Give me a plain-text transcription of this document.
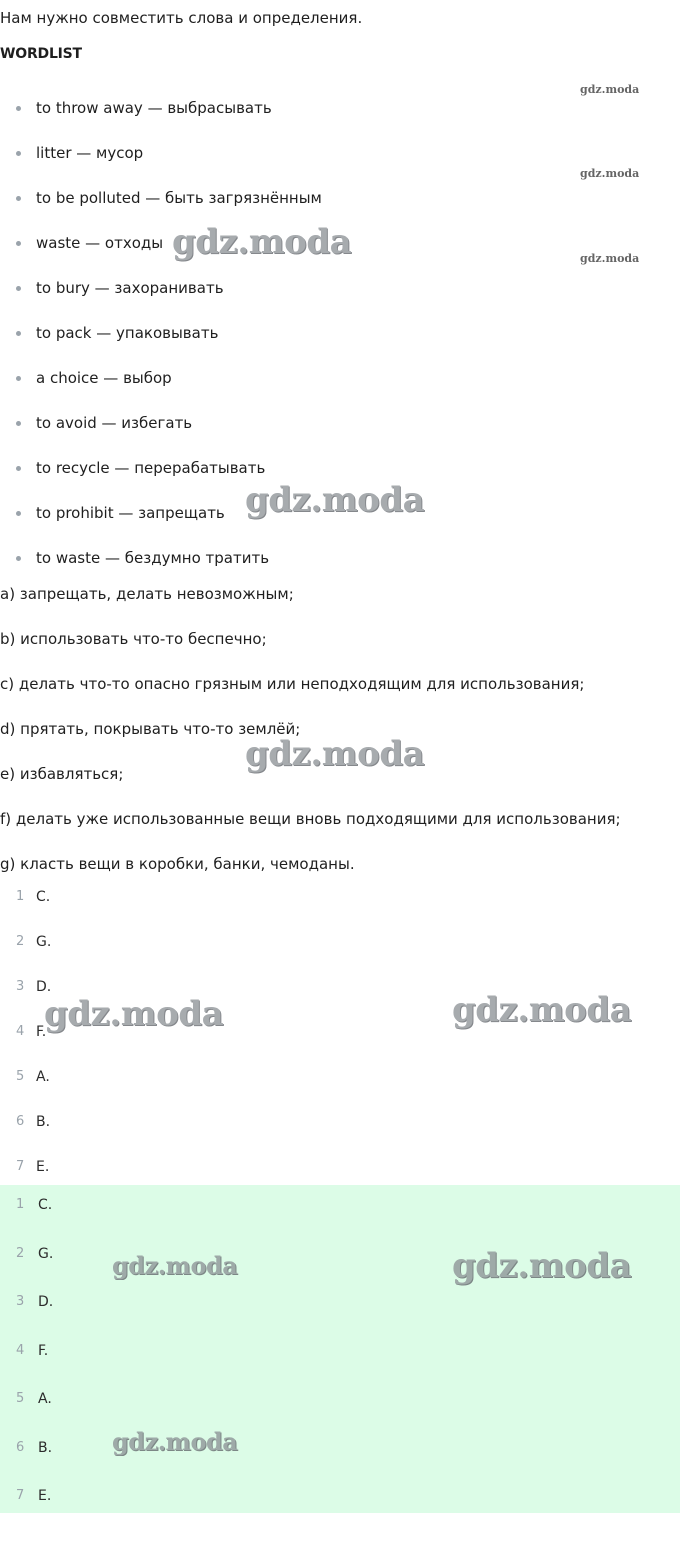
Нам нужно совместить слова и определения.

WORDLIST

to throw away — выбрасывать
litter — мусор
to be polluted — быть загрязнённым
waste — отходы
to bury — захоранивать
to pack — упаковывать
a choice — выбор
to avoid — избегать
to recycle — перерабатывать
to prohibit — запрещать
to waste — бездумно тратить

a) запрещать, делать невозможным;

b) использовать что-то беспечно;

c) делать что-то опасно грязным или неподходящим для использования;

d) прятать, покрывать что-то землёй;

e) избавляться;

f) делать уже использованные вещи вновь подходящими для использования;

g) класть вещи в коробки, банки, чемоданы.

1 C.
2 G.
3 D.
4 F.
5 A.
6 B.
7 E.
1 C.
2 G.
3 D.
4 F.
5 A.
6 B.
7 E.
gdz.moda
gdz.moda
gdz.moda
gdz.moda
gdz.moda
gdz.moda
gdz.moda	gdz.moda
gdz.moda	gdz.moda
gdz.moda
